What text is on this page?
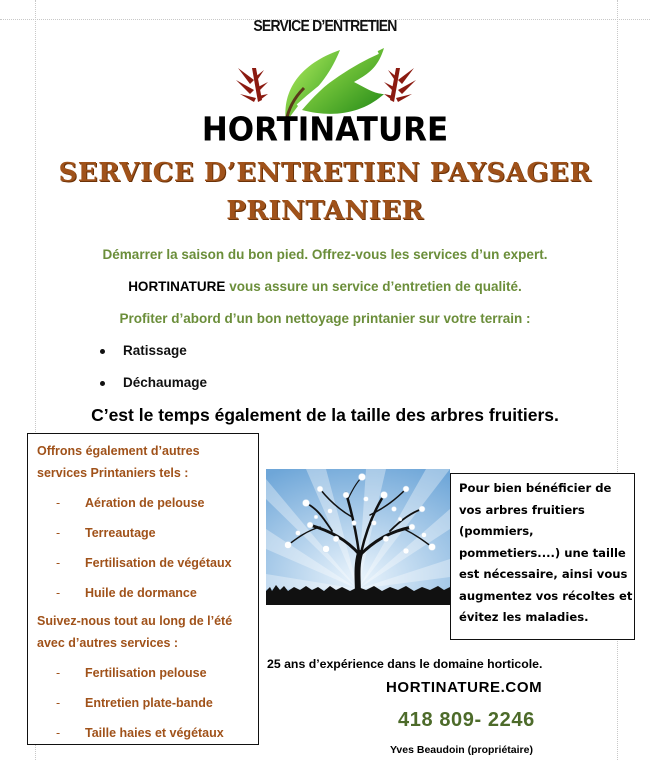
SERVICE D’ENTRETIEN
HORTINATURE
SERVICE D’ENTRETIEN PAYSAGER
PRINTANIER
Démarrer la saison du bon pied. Offrez-vous les services d’un expert.
HORTINATURE vous assure un service d’entretien de qualité.
Profiter d’abord d’un bon nettoyage printanier sur votre terrain :
Ratissage
Déchaumage
C’est le temps également de la taille des arbres fruitiers.
Offrons également d’autres
services Printaniers tels :
- Aération de pelouse
- Terreautage
- Fertilisation de végétaux
- Huile de dormance
Suivez-nous tout au long de l’été
avec d’autres services :
- Fertilisation pelouse
- Entretien plate-bande
- Taille haies et végétaux
Pour bien bénéficier de
vos arbres fruitiers
(pommiers,
pommetiers....) une taille
est nécessaire, ainsi vous
augmentez vos récoltes et
évitez les maladies.
25 ans d’expérience dans le domaine horticole.
HORTINATURE.COM
418 809- 2246
Yves Beaudoin (propriétaire)
